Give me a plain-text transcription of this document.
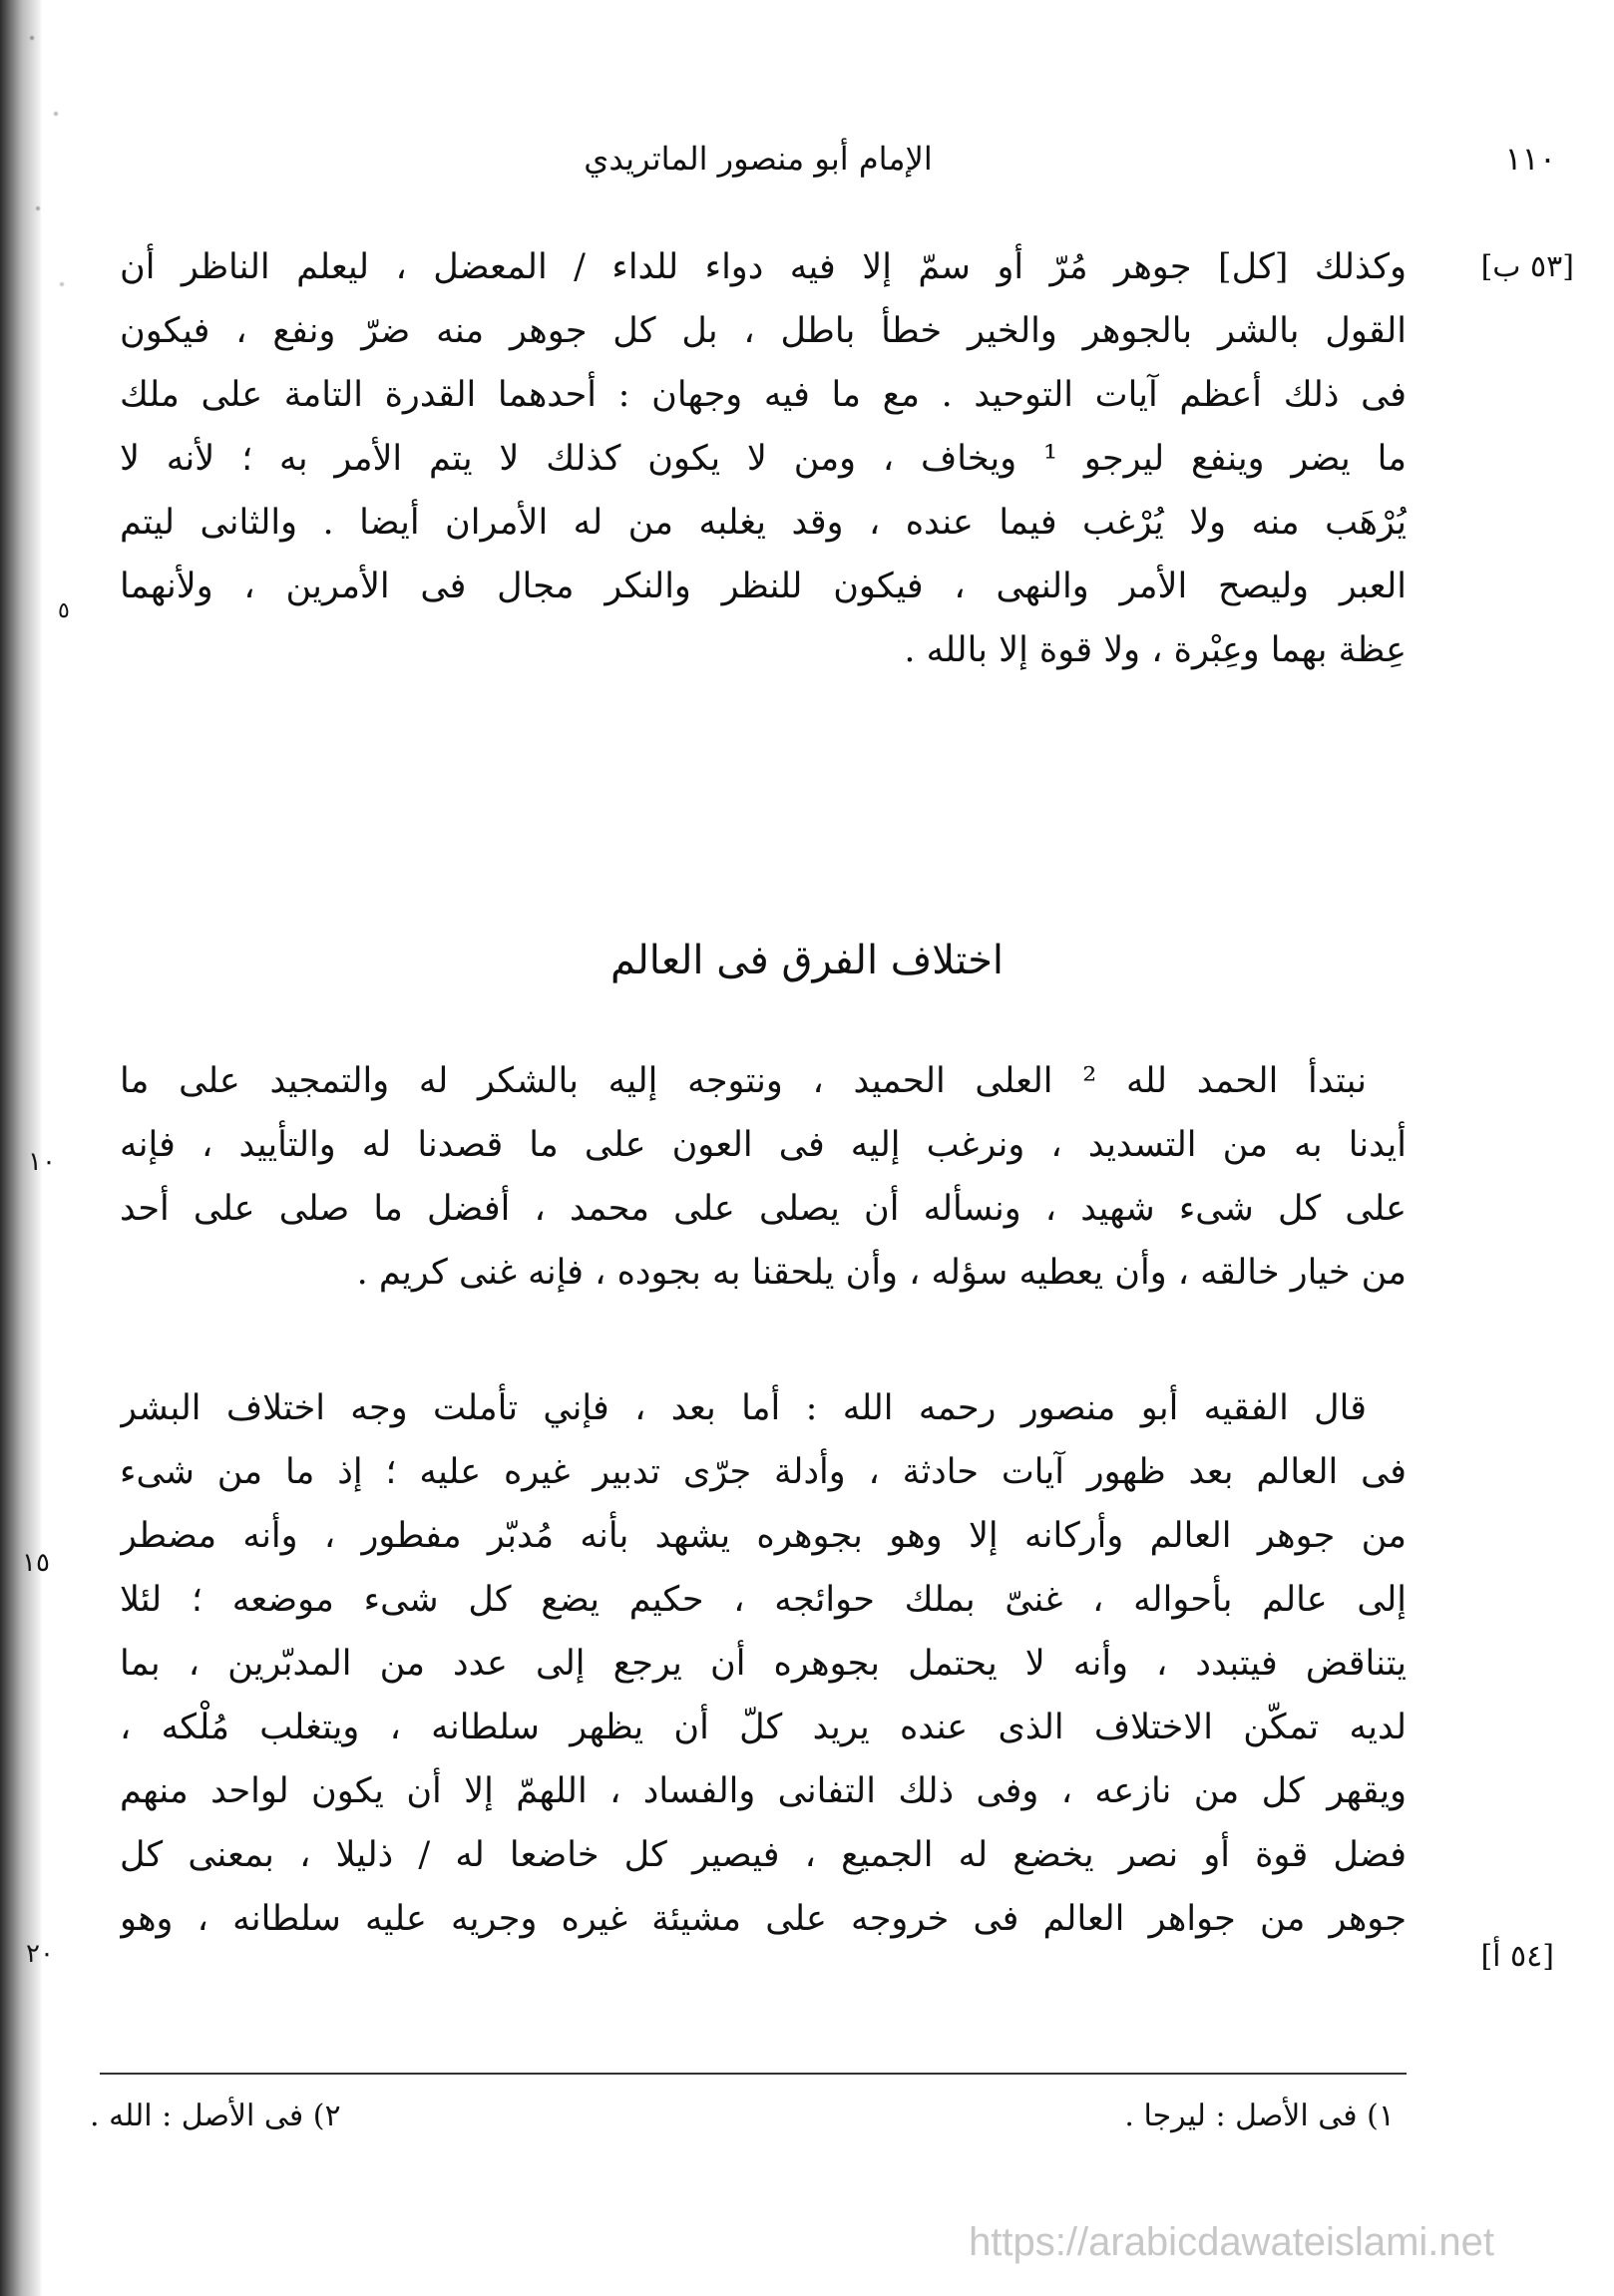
الإمام أبو منصور الماتريدي	١١٠
[٥٣ ب]
٥
وكذلك [كل] جوهر مُرّ أو سمّ إلا فيه دواء للداء / المعضل ، ليعلم الناظر أن
القول بالشر بالجوهر والخير خطأ باطل ، بل كل جوهر منه ضرّ ونفع ، فيكون
فى ذلك أعظم آيات التوحيد . مع ما فيه وجهان : أحدهما القدرة التامة على ملك
ما يضر وينفع ليرجو ¹ ويخاف ، ومن لا يكون كذلك لا يتم الأمر به ؛ لأنه لا
يُرْهَب منه ولا يُرْغب فيما عنده ، وقد يغلبه من له الأمران أيضا . والثانى ليتم
العبر وليصح الأمر والنهى ، فيكون للنظر والنكر مجال فى الأمرين ، ولأنهما
عِظة بهما وعِبْرة ، ولا قوة إلا بالله .
اختلاف الفرق فى العالم
نبتدأ الحمد لله ² العلى الحميد ، ونتوجه إليه بالشكر له والتمجيد على ما
أيدنا به من التسديد ، ونرغب إليه فى العون على ما قصدنا له والتأييد ، فإنه
على كل شىء شهيد ، ونسأله أن يصلى على محمد ، أفضل ما صلى على أحد
من خيار خالقه ، وأن يعطيه سؤله ، وأن يلحقنا به بجوده ، فإنه غنى كريم .
١٠
قال الفقيه أبو منصور رحمه الله : أما بعد ، فإني تأملت وجه اختلاف البشر
فى العالم بعد ظهور آيات حادثة ، وأدلة جرّى تدبير غيره عليه ؛ إذ ما من شىء
من جوهر العالم وأركانه إلا وهو بجوهره يشهد بأنه مُدبّر مفطور ، وأنه مضطر
إلى عالم بأحواله ، غنىّ بملك حوائجه ، حكيم يضع كل شىء موضعه ؛ لئلا
يتناقض فيتبدد ، وأنه لا يحتمل بجوهره أن يرجع إلى عدد من المدبّرين ، بما
لديه تمكّن الاختلاف الذى عنده يريد كلّ أن يظهر سلطانه ، ويتغلب مُلْكه ،
ويقهر كل من نازعه ، وفى ذلك التفانى والفساد ، اللهمّ إلا أن يكون لواحد منهم
فضل قوة أو نصر يخضع له الجميع ، فيصير كل خاضعا له / ذليلا ، بمعنى كل
جوهر من جواهر العالم فى خروجه على مشيئة غيره وجريه عليه سلطانه ، وهو
١٥
٢٠	[٥٤ أ]
١) فى الأصل : ليرجا .
٢) فى الأصل : الله .
https://arabicdawateislami.net
